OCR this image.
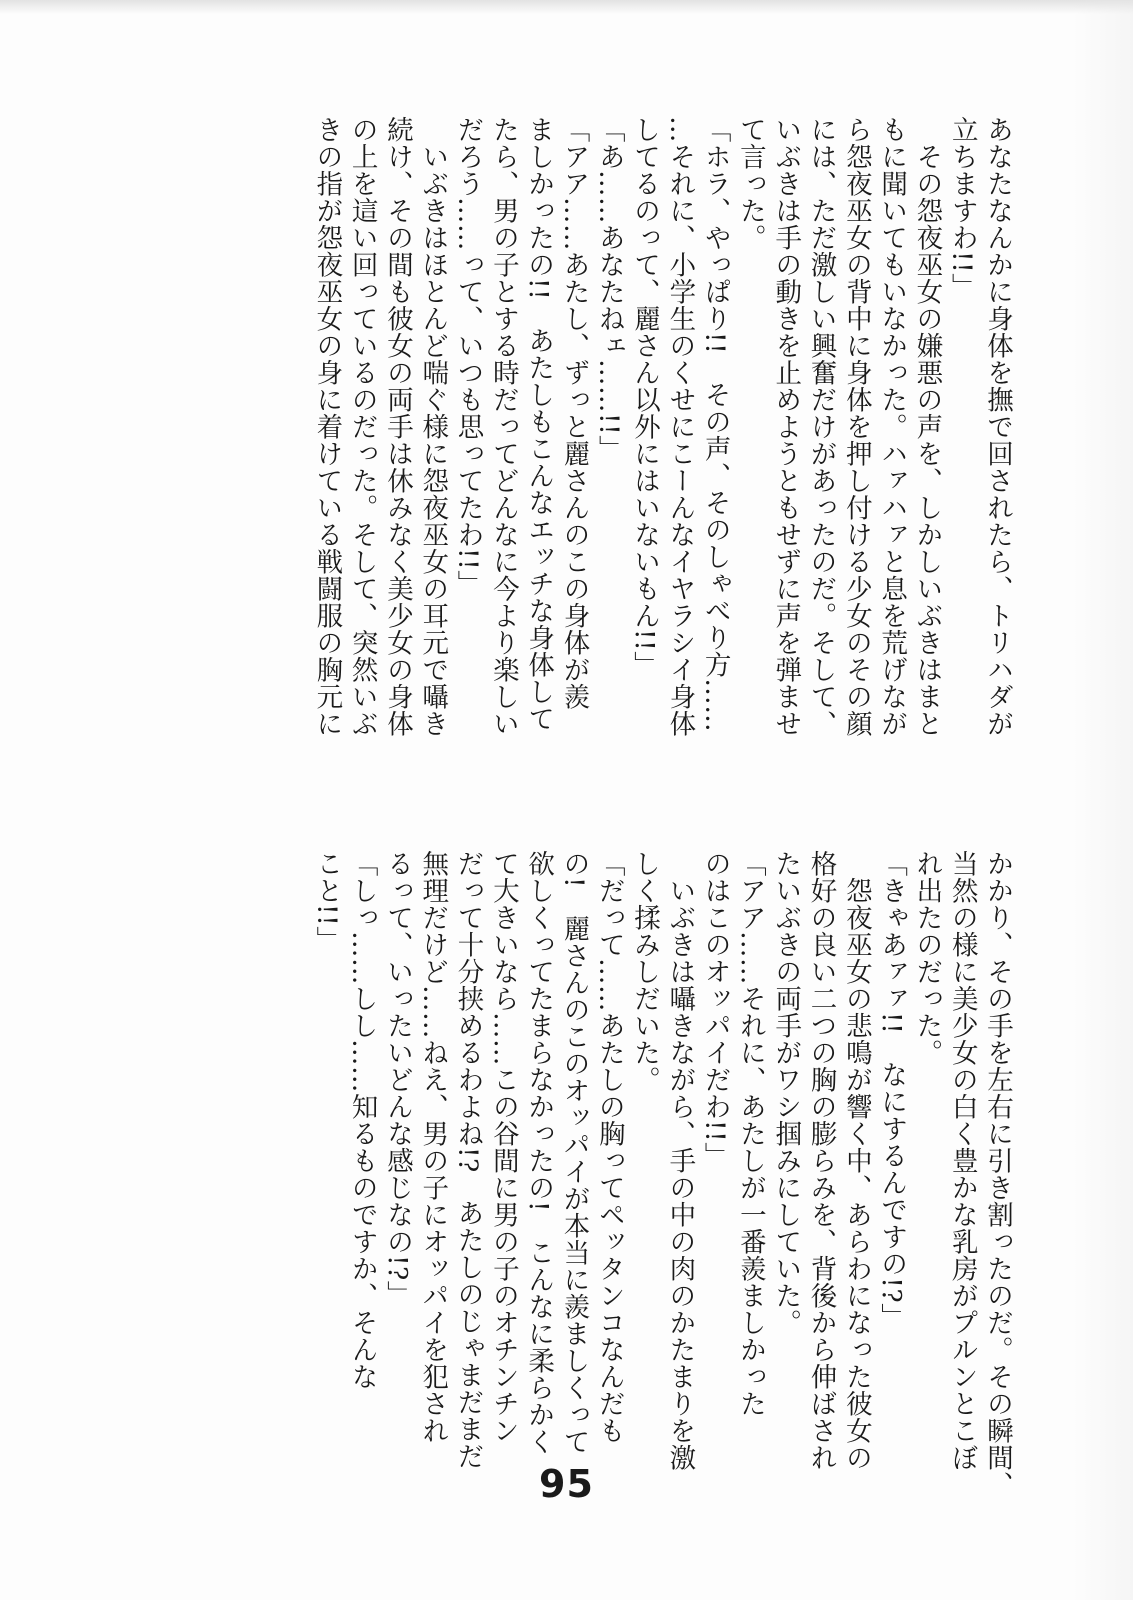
あなたなんかに身体を撫で回されたら、トリハダが
立ちますわ!!」
　その怨夜巫女の嫌悪の声を、しかしいぶきはまと
もに聞いてもいなかった。ハァハァと息を荒げなが
ら怨夜巫女の背中に身体を押し付ける少女のその顔
には、ただ激しい興奮だけがあったのだ。そして、
いぶきは手の動きを止めようともせずに声を弾ませ
て言った。
「ホラ、やっぱり!!　その声、そのしゃべり方……
…それに、小学生のくせにこーんなイヤラシイ身体
してるのって、麗さん以外にはいないもん!!」
「あ……あなたねェ……!!」
「アア……あたし、ずっと麗さんのこの身体が羨
ましかったの!!　あたしもこんなエッチな身体して
たら、男の子とする時だってどんなに今より楽しい
だろう……って、いつも思ってたわ!!」
　いぶきはほとんど喘ぐ様に怨夜巫女の耳元で囁き
続け、その間も彼女の両手は休みなく美少女の身体
の上を這い回っているのだった。そして、突然いぶ
きの指が怨夜巫女の身に着けている戦闘服の胸元に
かかり、その手を左右に引き割ったのだ。その瞬間、
当然の様に美少女の白く豊かな乳房がプルンとこぼ
れ出たのだった。
「きゃあァァ!!　なにするんですの!?」
　怨夜巫女の悲鳴が響く中、あらわになった彼女の
格好の良い二つの胸の膨らみを、背後から伸ばされ
たいぶきの両手がワシ掴みにしていた。
「アア……それに、あたしが一番羨ましかった
のはこのオッパイだわ!!」
　いぶきは囁きながら、手の中の肉のかたまりを激
しく揉みしだいた。
「だって……あたしの胸ってペッタンコなんだも
の!　麗さんのこのオッパイが本当に羨ましくって
欲しくってたまらなかったの!　こんなに柔らかく
て大きいなら……この谷間に男の子のオチンチン
だって十分挟めるわよね!?　あたしのじゃまだまだ
無理だけど……ねえ、男の子にオッパイを犯され
るって、いったいどんな感じなの!?」
「しっ……しし……知るものですか、そんな
こと!!」
95
